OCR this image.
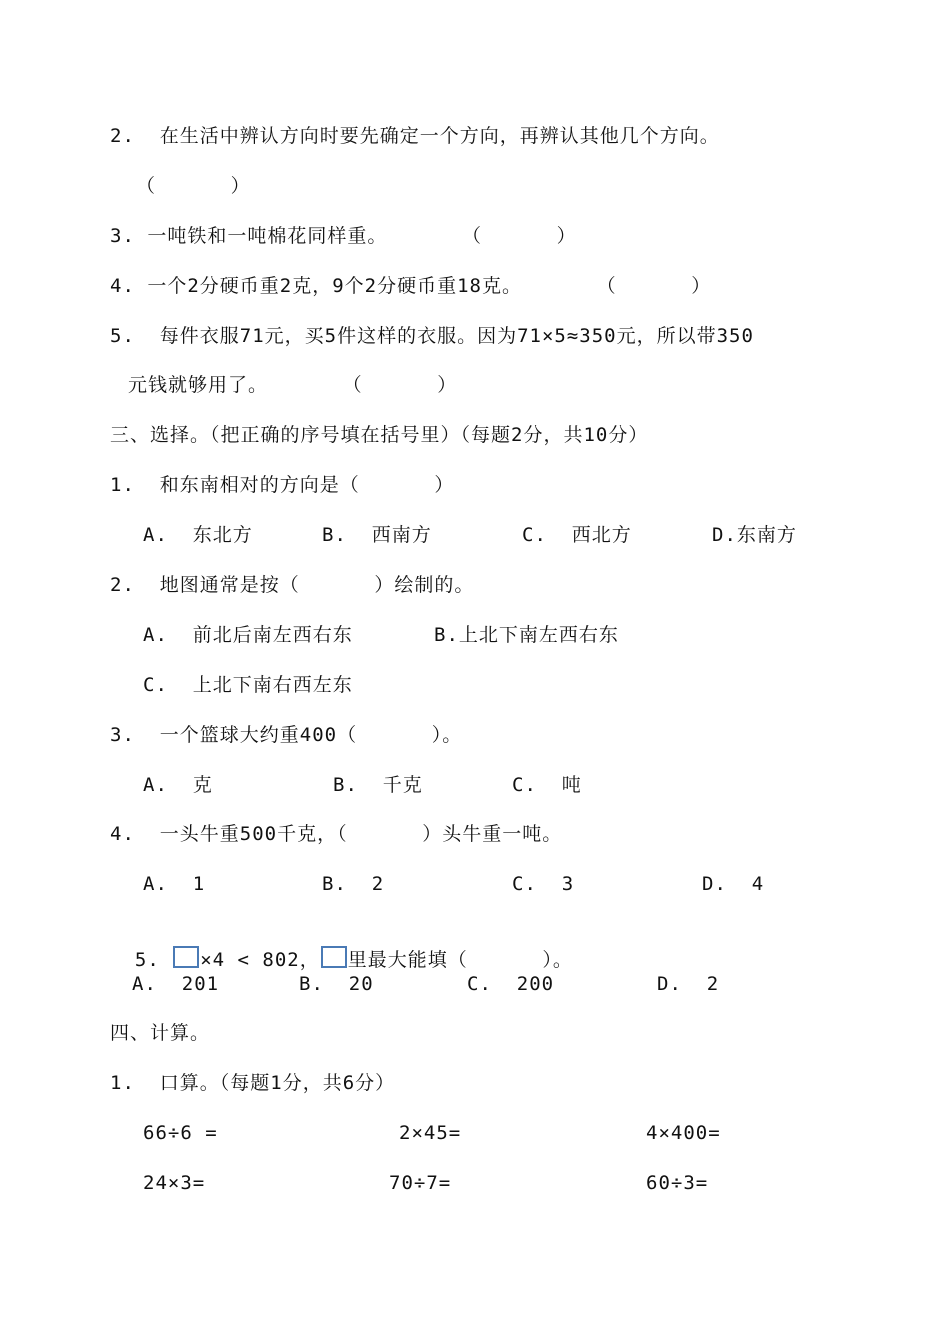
2.  在生活中辨认方向时要先确定一个方向，再辨认其他几个方向。
（      ）
3. 一吨铁和一吨棉花同样重。      （      ）
4. 一个2分硬币重2克，9个2分硬币重18克。      （      ）
5.  每件衣服71元，买5件这样的衣服。因为71×5≈350元，所以带350
元钱就够用了。      （      ）
三、选择。（把正确的序号填在括号里）（每题2分，共10分）
1.  和东南相对的方向是（      ）
A.  东北方	B.  西南方	C.  西北方	D.东南方
2.  地图通常是按（      ）绘制的。
A.  前北后南左西右东	B.上北下南左西右东
C.  上北下南右西左东
3.  一个篮球大约重400（      ）。
A.  克	B.  千克	C.  吨
4.  一头牛重500千克，（      ）头牛重一吨。
A.  1	B.  2	C.  3	D.  4

5. ×4 < 802， 里最大能填（      ）。

A.  201	B.  20	C.  200	D.  2
四、计算。
1.  口算。（每题1分，共6分）
66÷6 =	2×45=	4×400=
24×3=	70÷7=	60÷3=
